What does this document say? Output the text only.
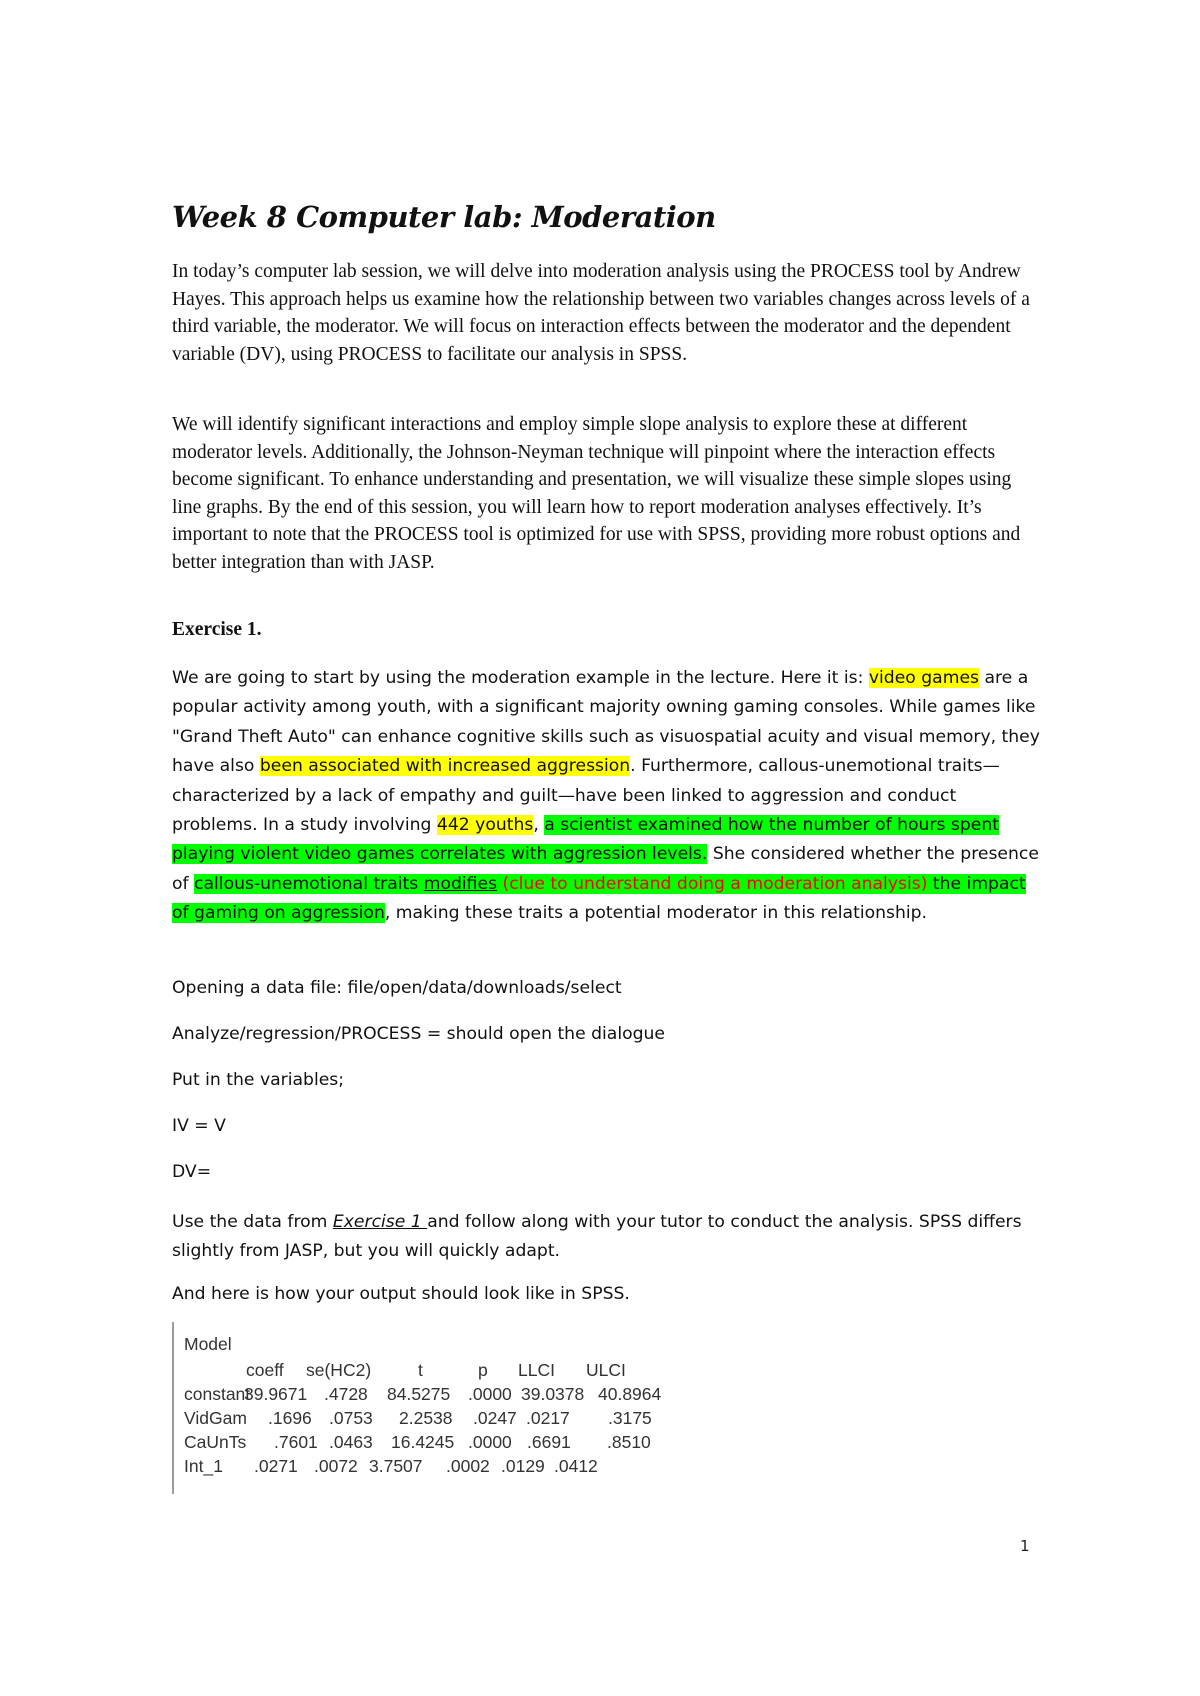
Week 8 Computer lab: Moderation

In today’s computer lab session, we will delve into moderation analysis using the PROCESS tool by Andrew Hayes. This approach helps us examine how the relationship between two variables changes across levels of a third variable, the moderator. We will focus on interaction effects between the moderator and the dependent variable (DV), using PROCESS to facilitate our analysis in SPSS.

We will identify significant interactions and employ simple slope analysis to explore these at different moderator levels. Additionally, the Johnson-Neyman technique will pinpoint where the interaction effects become significant. To enhance understanding and presentation, we will visualize these simple slopes using line graphs. By the end of this session, you will learn how to report moderation analyses effectively. It’s important to note that the PROCESS tool is optimized for use with SPSS, providing more robust options and better integration than with JASP.

Exercise 1.

We are going to start by using the moderation example in the lecture. Here it is: video games are a popular activity among youth, with a significant majority owning gaming consoles. While games like "Grand Theft Auto" can enhance cognitive skills such as visuospatial acuity and visual memory, they have also been associated with increased aggression. Furthermore, callous-unemotional traits—characterized by a lack of empathy and guilt—have been linked to aggression and conduct problems. In a study involving 442 youths, a scientist examined how the number of hours spent playing violent video games correlates with aggression levels. She considered whether the presence of callous-unemotional traits modifies (clue to understand doing a moderation analysis) the impact of gaming on aggression, making these traits a potential moderator in this relationship.

Opening a data file: file/open/data/downloads/select

Analyze/regression/PROCESS = should open the dialogue

Put in the variables;

IV = V

DV=

Use the data from Exercise 1 and follow along with your tutor to conduct the analysis. SPSS differs slightly from JASP, but you will quickly adapt.

And here is how your output should look like in SPSS.

Model
coeff se(HC2)	t	p LLCI ULCI
constant
39.9671 .4728 84.5275 .0000 39.0378 40.8964
VidGam .1696 .0753 2.2538 .0247 .0217 .3175
CaUnTs .7601 .0463 16.4245 .0000 .6691 .8510
Int_1 .0271 .0072 3.7507 .0002 .0129 .0412
1
